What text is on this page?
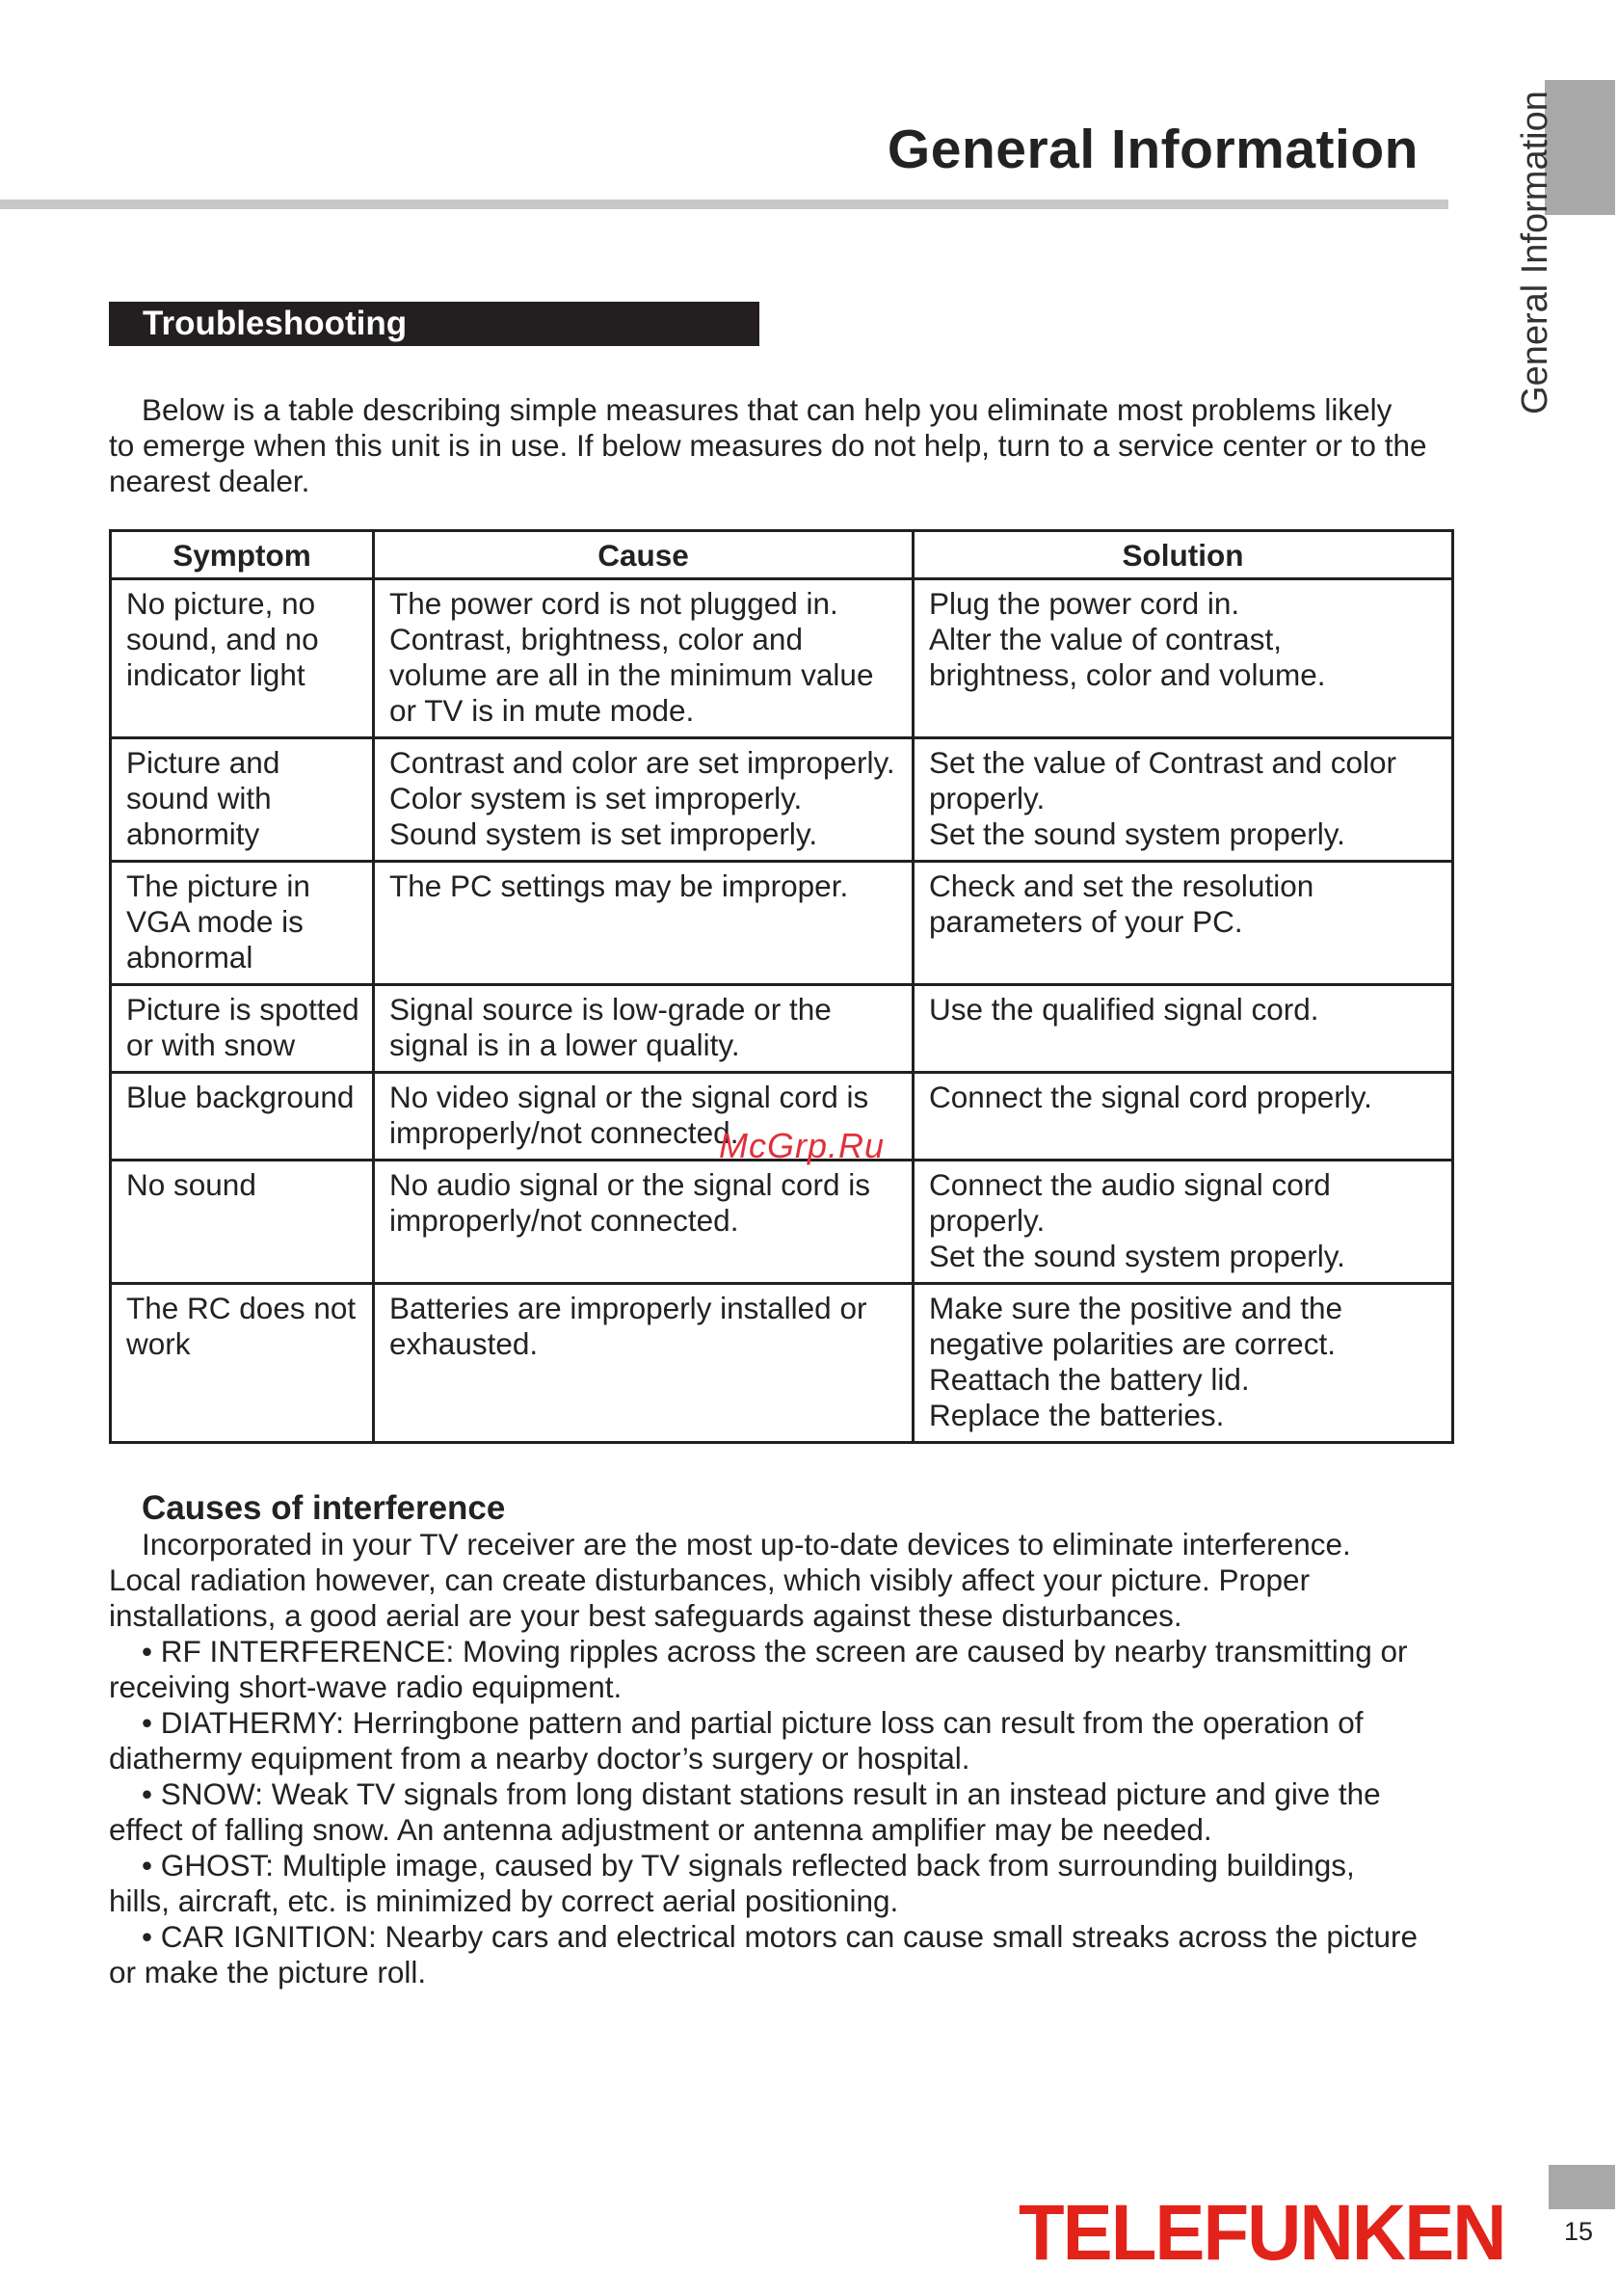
General Information	General Information
Troubleshooting
Below is a table describing simple measures that can help you eliminate most problems likely
to emerge when this unit is in use. If below measures do not help, turn to a service center or to the
nearest dealer.
Symptom	Cause	Solution

No picture, no
sound, and no
indicator light	The power cord is not plugged in.
Contrast, brightness, color and
volume are all in the minimum value
or TV is in mute mode.	Plug the power cord in.
Alter the value of contrast,
brightness, color and volume.

Picture and
sound with
abnormity	Contrast and color are set improperly.
Color system is set improperly.
Sound system is set improperly.	Set the value of Contrast and color
properly.
Set the sound system properly.

The picture in
VGA mode is
abnormal	The PC settings may be improper.	Check and set the resolution
parameters of your PC.

Picture is spotted
or with snow	Signal source is low-grade or the
signal is in a lower quality.	Use the qualified signal cord.

Blue background	No video signal or the signal cord is
improperly/not connected.	Connect the signal cord properly.

No sound	No audio signal or the signal cord is
improperly/not connected.	Connect the audio signal cord
properly.
Set the sound system properly.

The RC does not
work	Batteries are improperly installed or
exhausted.	Make sure the positive and the
negative polarities are correct.
Reattach the battery lid.
Replace the batteries.
McGrp.Ru
Causes of interference
Incorporated in your TV receiver are the most up-to-date devices to eliminate interference.
Local radiation however, can create disturbances, which visibly affect your picture. Proper
installations, a good aerial are your best safeguards against these disturbances.
• RF INTERFERENCE: Moving ripples across the screen are caused by nearby transmitting or
receiving short-wave radio equipment.
• DIATHERMY: Herringbone pattern and partial picture loss can result from the operation of
diathermy equipment from a nearby doctor’s surgery or hospital.
• SNOW: Weak TV signals from long distant stations result in an instead picture and give the
effect of falling snow. An antenna adjustment or antenna amplifier may be needed.
• GHOST: Multiple image, caused by TV signals reflected back from surrounding buildings,
hills, aircraft, etc. is minimized by correct aerial positioning.
• CAR IGNITION: Nearby cars and electrical motors can cause small streaks across the picture
or make the picture roll.
TELEFUNKEN	15
